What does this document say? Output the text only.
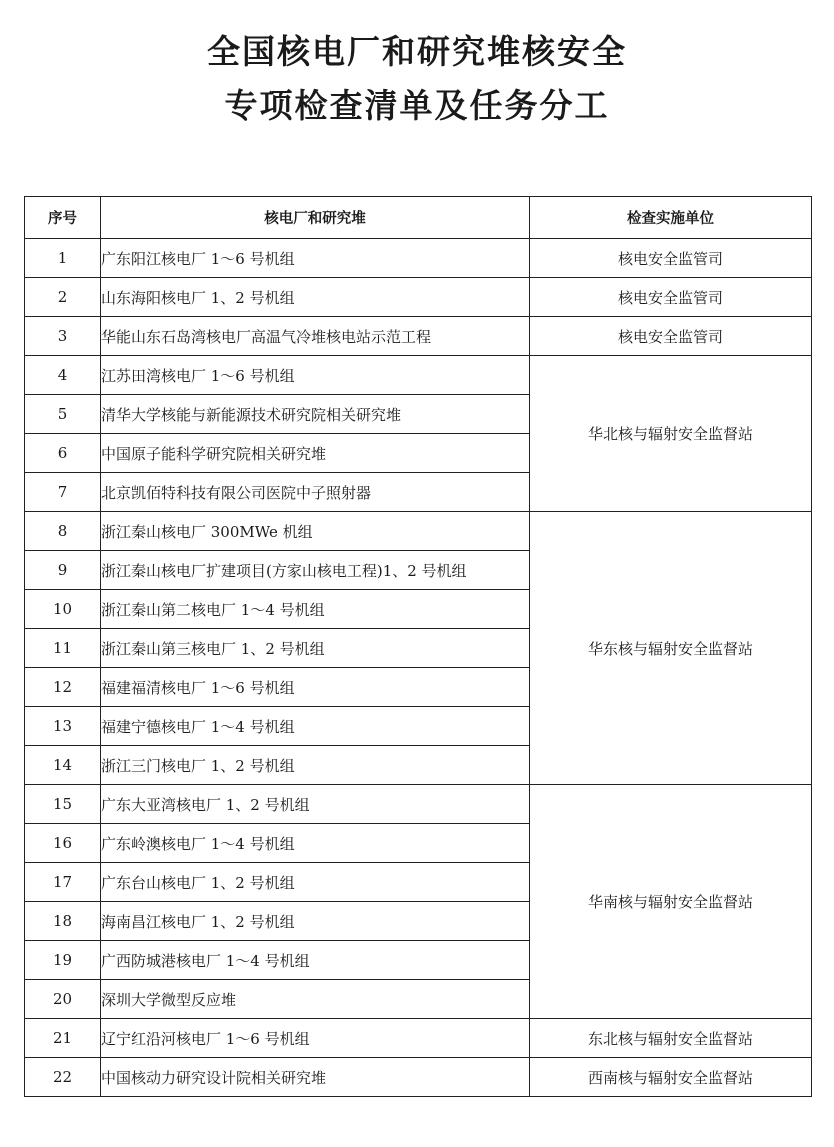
全国核电厂和研究堆核安全
专项检查清单及任务分工
序号	核电厂和研究堆	检查实施单位
1	广东阳江核电厂 1～6 号机组	核电安全监管司
2	山东海阳核电厂 1、2 号机组	核电安全监管司
3	华能山东石岛湾核电厂高温气冷堆核电站示范工程	核电安全监管司
4	江苏田湾核电厂 1～6 号机组	华北核与辐射安全监督站
5	清华大学核能与新能源技术研究院相关研究堆	
6	中国原子能科学研究院相关研究堆	
7	北京凯佰特科技有限公司医院中子照射器	
8	浙江秦山核电厂 300MWe 机组	华东核与辐射安全监督站
9	浙江秦山核电厂扩建项目(方家山核电工程)1、2 号机组	
10	浙江秦山第二核电厂 1～4 号机组	
11	浙江秦山第三核电厂 1、2 号机组	
12	福建福清核电厂 1～6 号机组	
13	福建宁德核电厂 1～4 号机组	
14	浙江三门核电厂 1、2 号机组	
15	广东大亚湾核电厂 1、2 号机组	华南核与辐射安全监督站
16	广东岭澳核电厂 1～4 号机组	
17	广东台山核电厂 1、2 号机组	
18	海南昌江核电厂 1、2 号机组	
19	广西防城港核电厂 1～4 号机组	
20	深圳大学微型反应堆	
21	辽宁红沿河核电厂 1～6 号机组	东北核与辐射安全监督站
22	中国核动力研究设计院相关研究堆	西南核与辐射安全监督站
